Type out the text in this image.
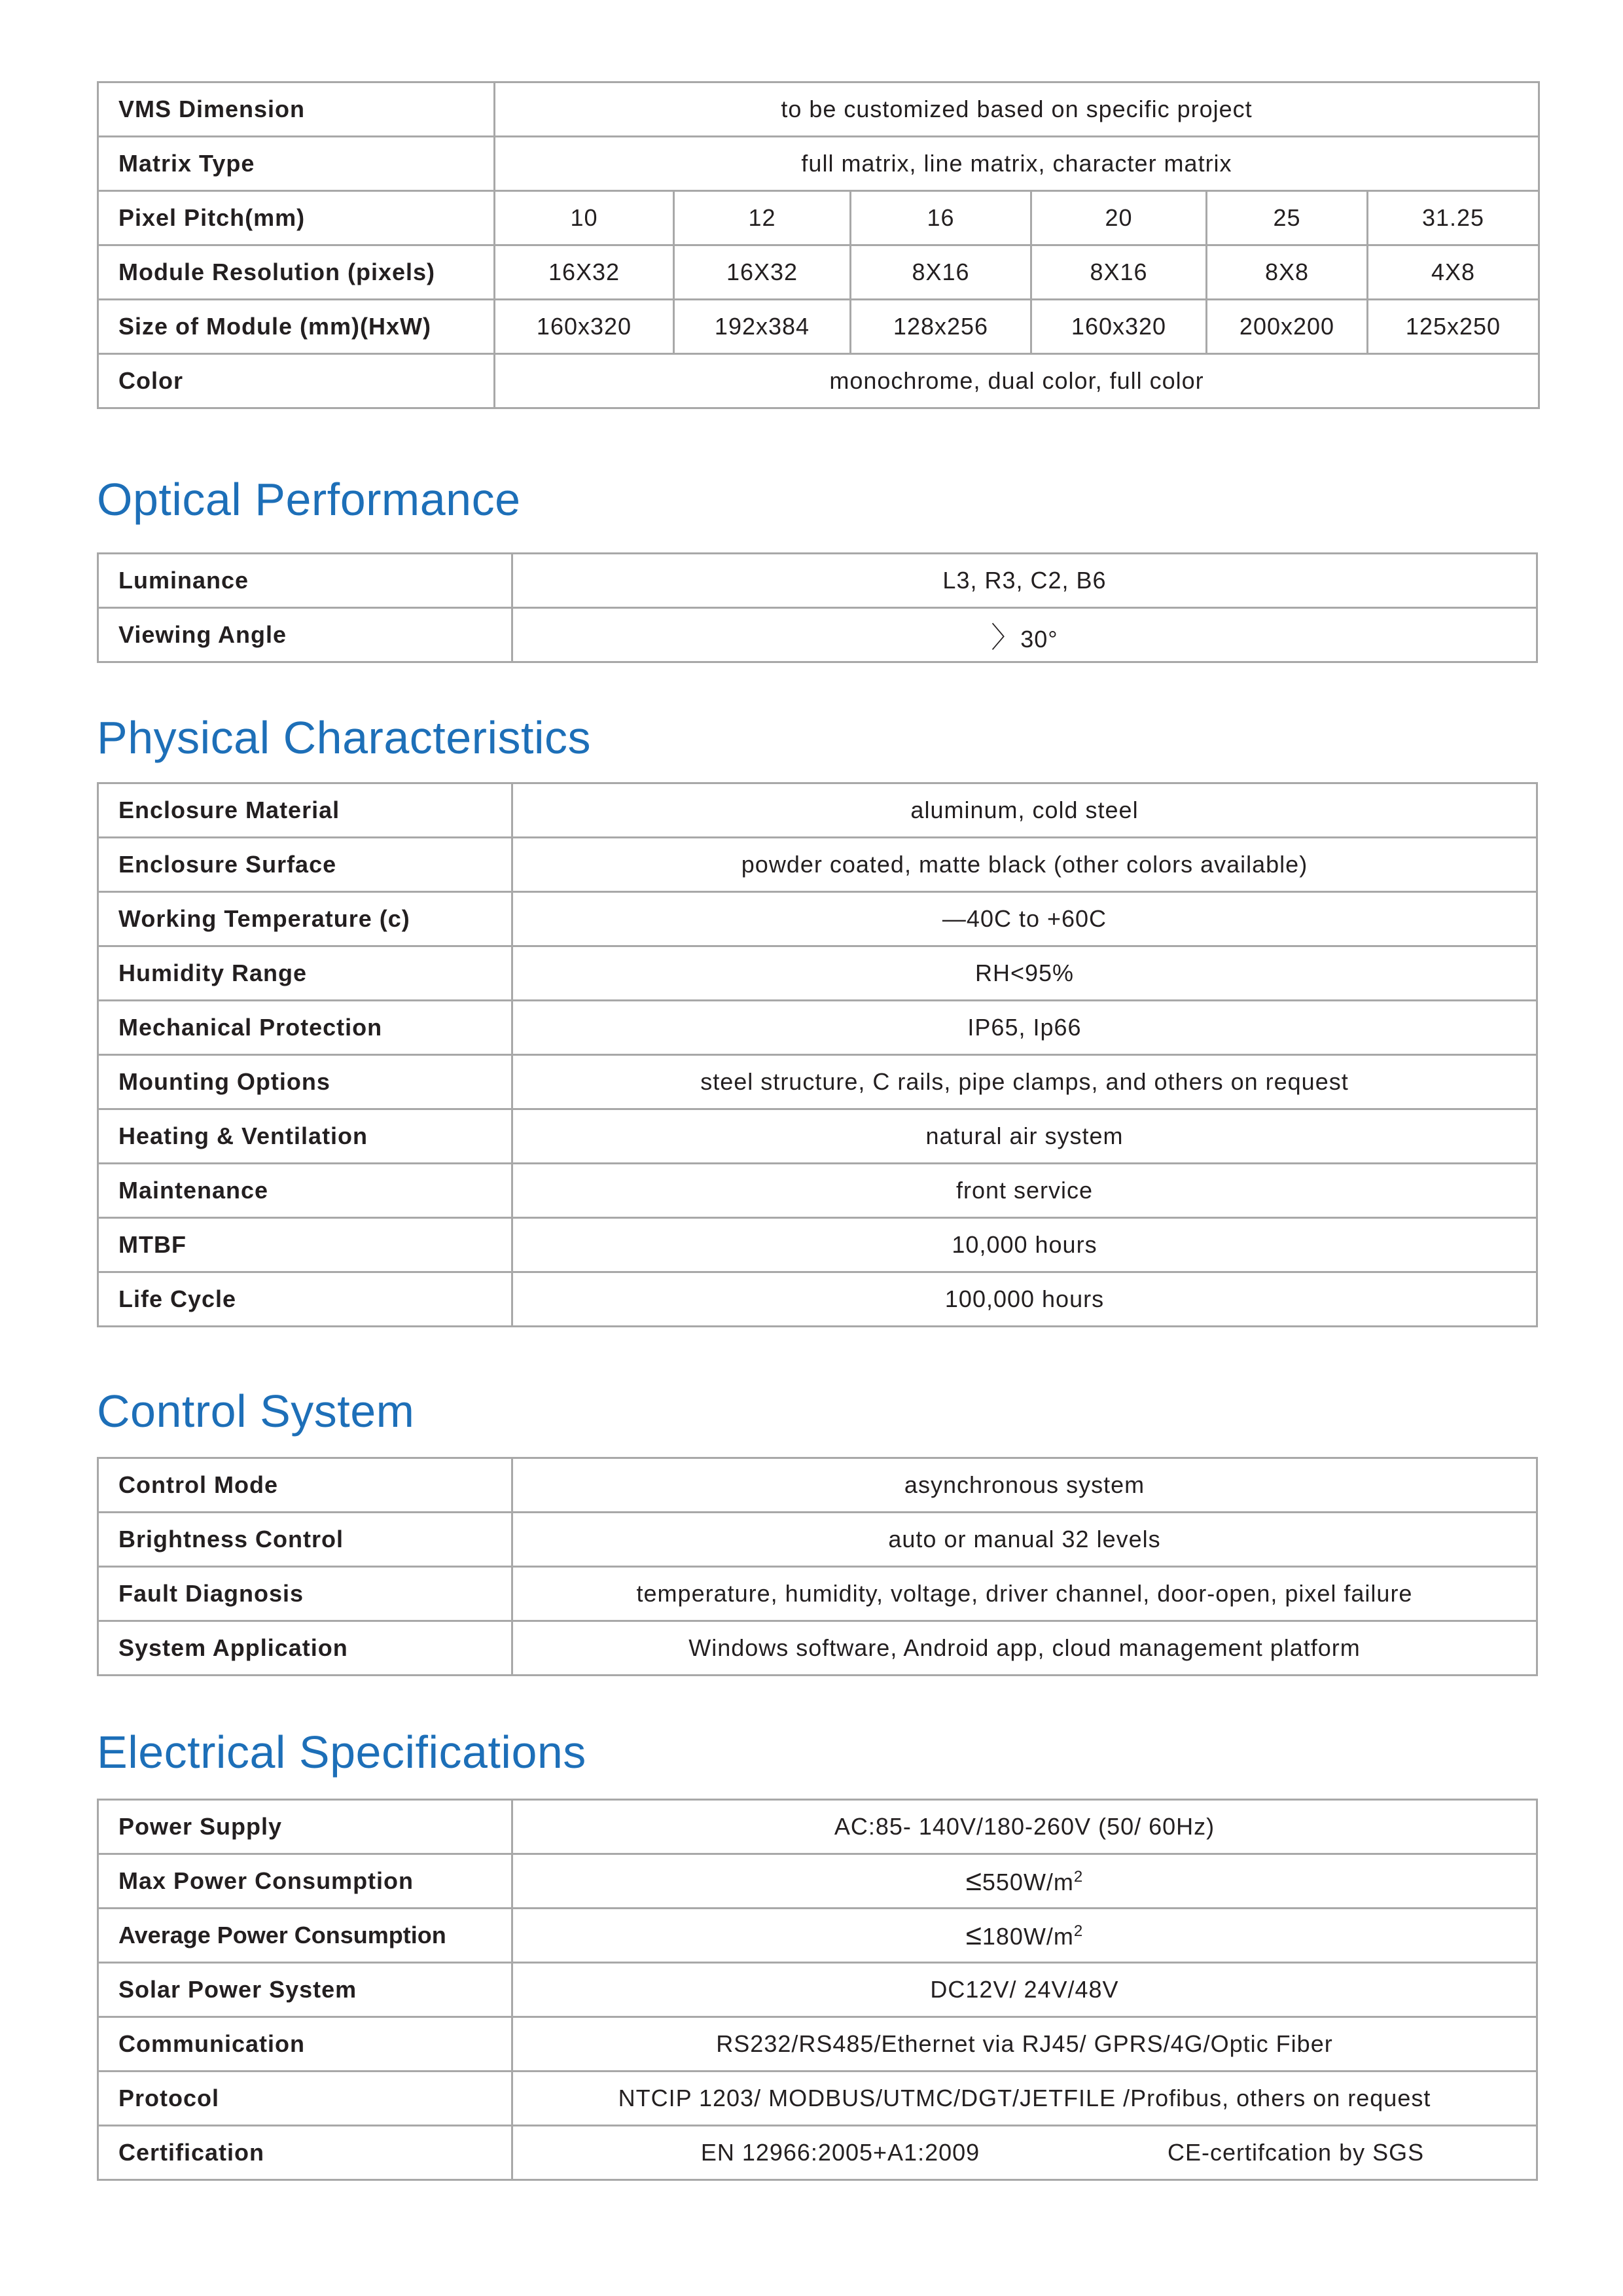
VMS Dimension	to be customized based on specific project					
Matrix Type	full matrix, line matrix, character matrix					
Pixel Pitch(mm)	10	12	16	20	25	31.25
Module Resolution (pixels)	16X32	16X32	8X16	8X16	8X8	4X8
Size of Module (mm)(HxW)	160x320	192x384	128x256	160x320	200x200	125x250
Color	monochrome, dual color, full color					
Optical Performance
Luminance	L3, R3, C2, B6
Viewing Angle	〉30°
Physical Characteristics
Enclosure Material	aluminum, cold steel
Enclosure Surface	powder coated, matte black (other colors available)
Working Temperature (c)	—40C to +60C
Humidity Range	RH<95%
Mechanical Protection	IP65, Ip66
Mounting Options	steel structure, C rails, pipe clamps, and others on request
Heating & Ventilation	natural air system
Maintenance	front service
MTBF	10,000 hours
Life Cycle	100,000 hours
Control System
Control Mode	asynchronous system
Brightness Control	auto or manual 32 levels
Fault Diagnosis	temperature, humidity, voltage, driver channel, door-open, pixel failure
System Application	Windows software, Android app, cloud management platform
Electrical Specifications
Power Supply	AC:85- 140V/180-260V (50/ 60Hz)
Max Power Consumption	$\le 550W/m^2$
Average Power Consumption	$\le 180W/m^2$
Solar Power System	DC12V/ 24V/48V
Communication	RS232/RS485/Ethernet via RJ45/ GPRS/4G/Optic Fiber
Protocol	NTCIP 1203/ MODBUS/UTMC/DGT/JETFILE /Profibus, others on request
Certification	EN 12966:2005+A1:2009 CE-certifcation by SGS
